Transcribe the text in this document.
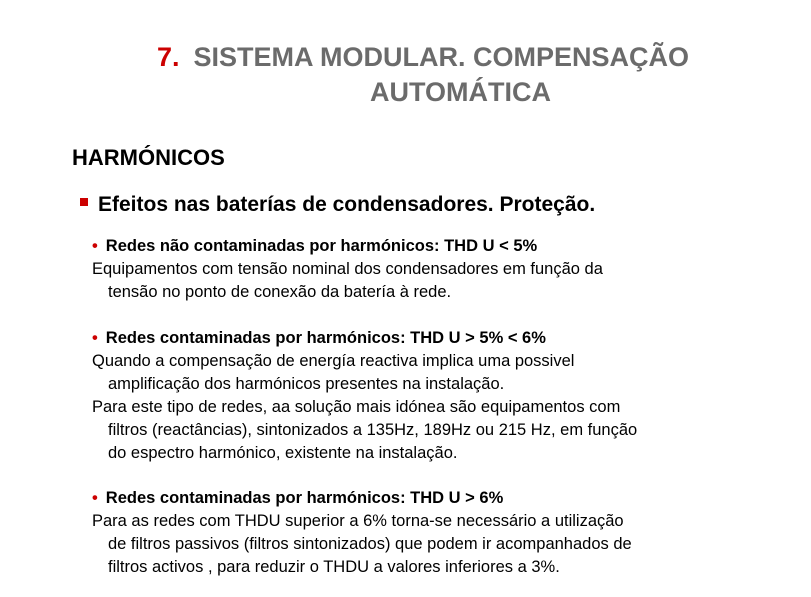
7. SISTEMA MODULAR. COMPENSAÇÃO
AUTOMÁTICA
HARMÓNICOS
Efeitos nas baterías de condensadores. Proteção.
• Redes não contaminadas por harmónicos: THD U < 5%
Equipamentos com tensão nominal dos condensadores em função da
tensão no ponto de conexão da batería à rede.
• Redes contaminadas por harmónicos: THD U > 5% < 6%
Quando a compensação de energía reactiva implica uma possivel
amplificação dos harmónicos presentes na instalação.
Para este tipo de redes, aa solução mais idónea são equipamentos com
filtros (reactâncias), sintonizados a 135Hz, 189Hz ou 215 Hz, em função
do espectro harmónico, existente na instalação.
• Redes contaminadas por harmónicos: THD U > 6%
Para as redes com THDU superior a 6% torna-se necessário a utilização
de filtros passivos (filtros sintonizados) que podem ir acompanhados de
filtros activos , para reduzir o THDU a valores inferiores a 3%.
